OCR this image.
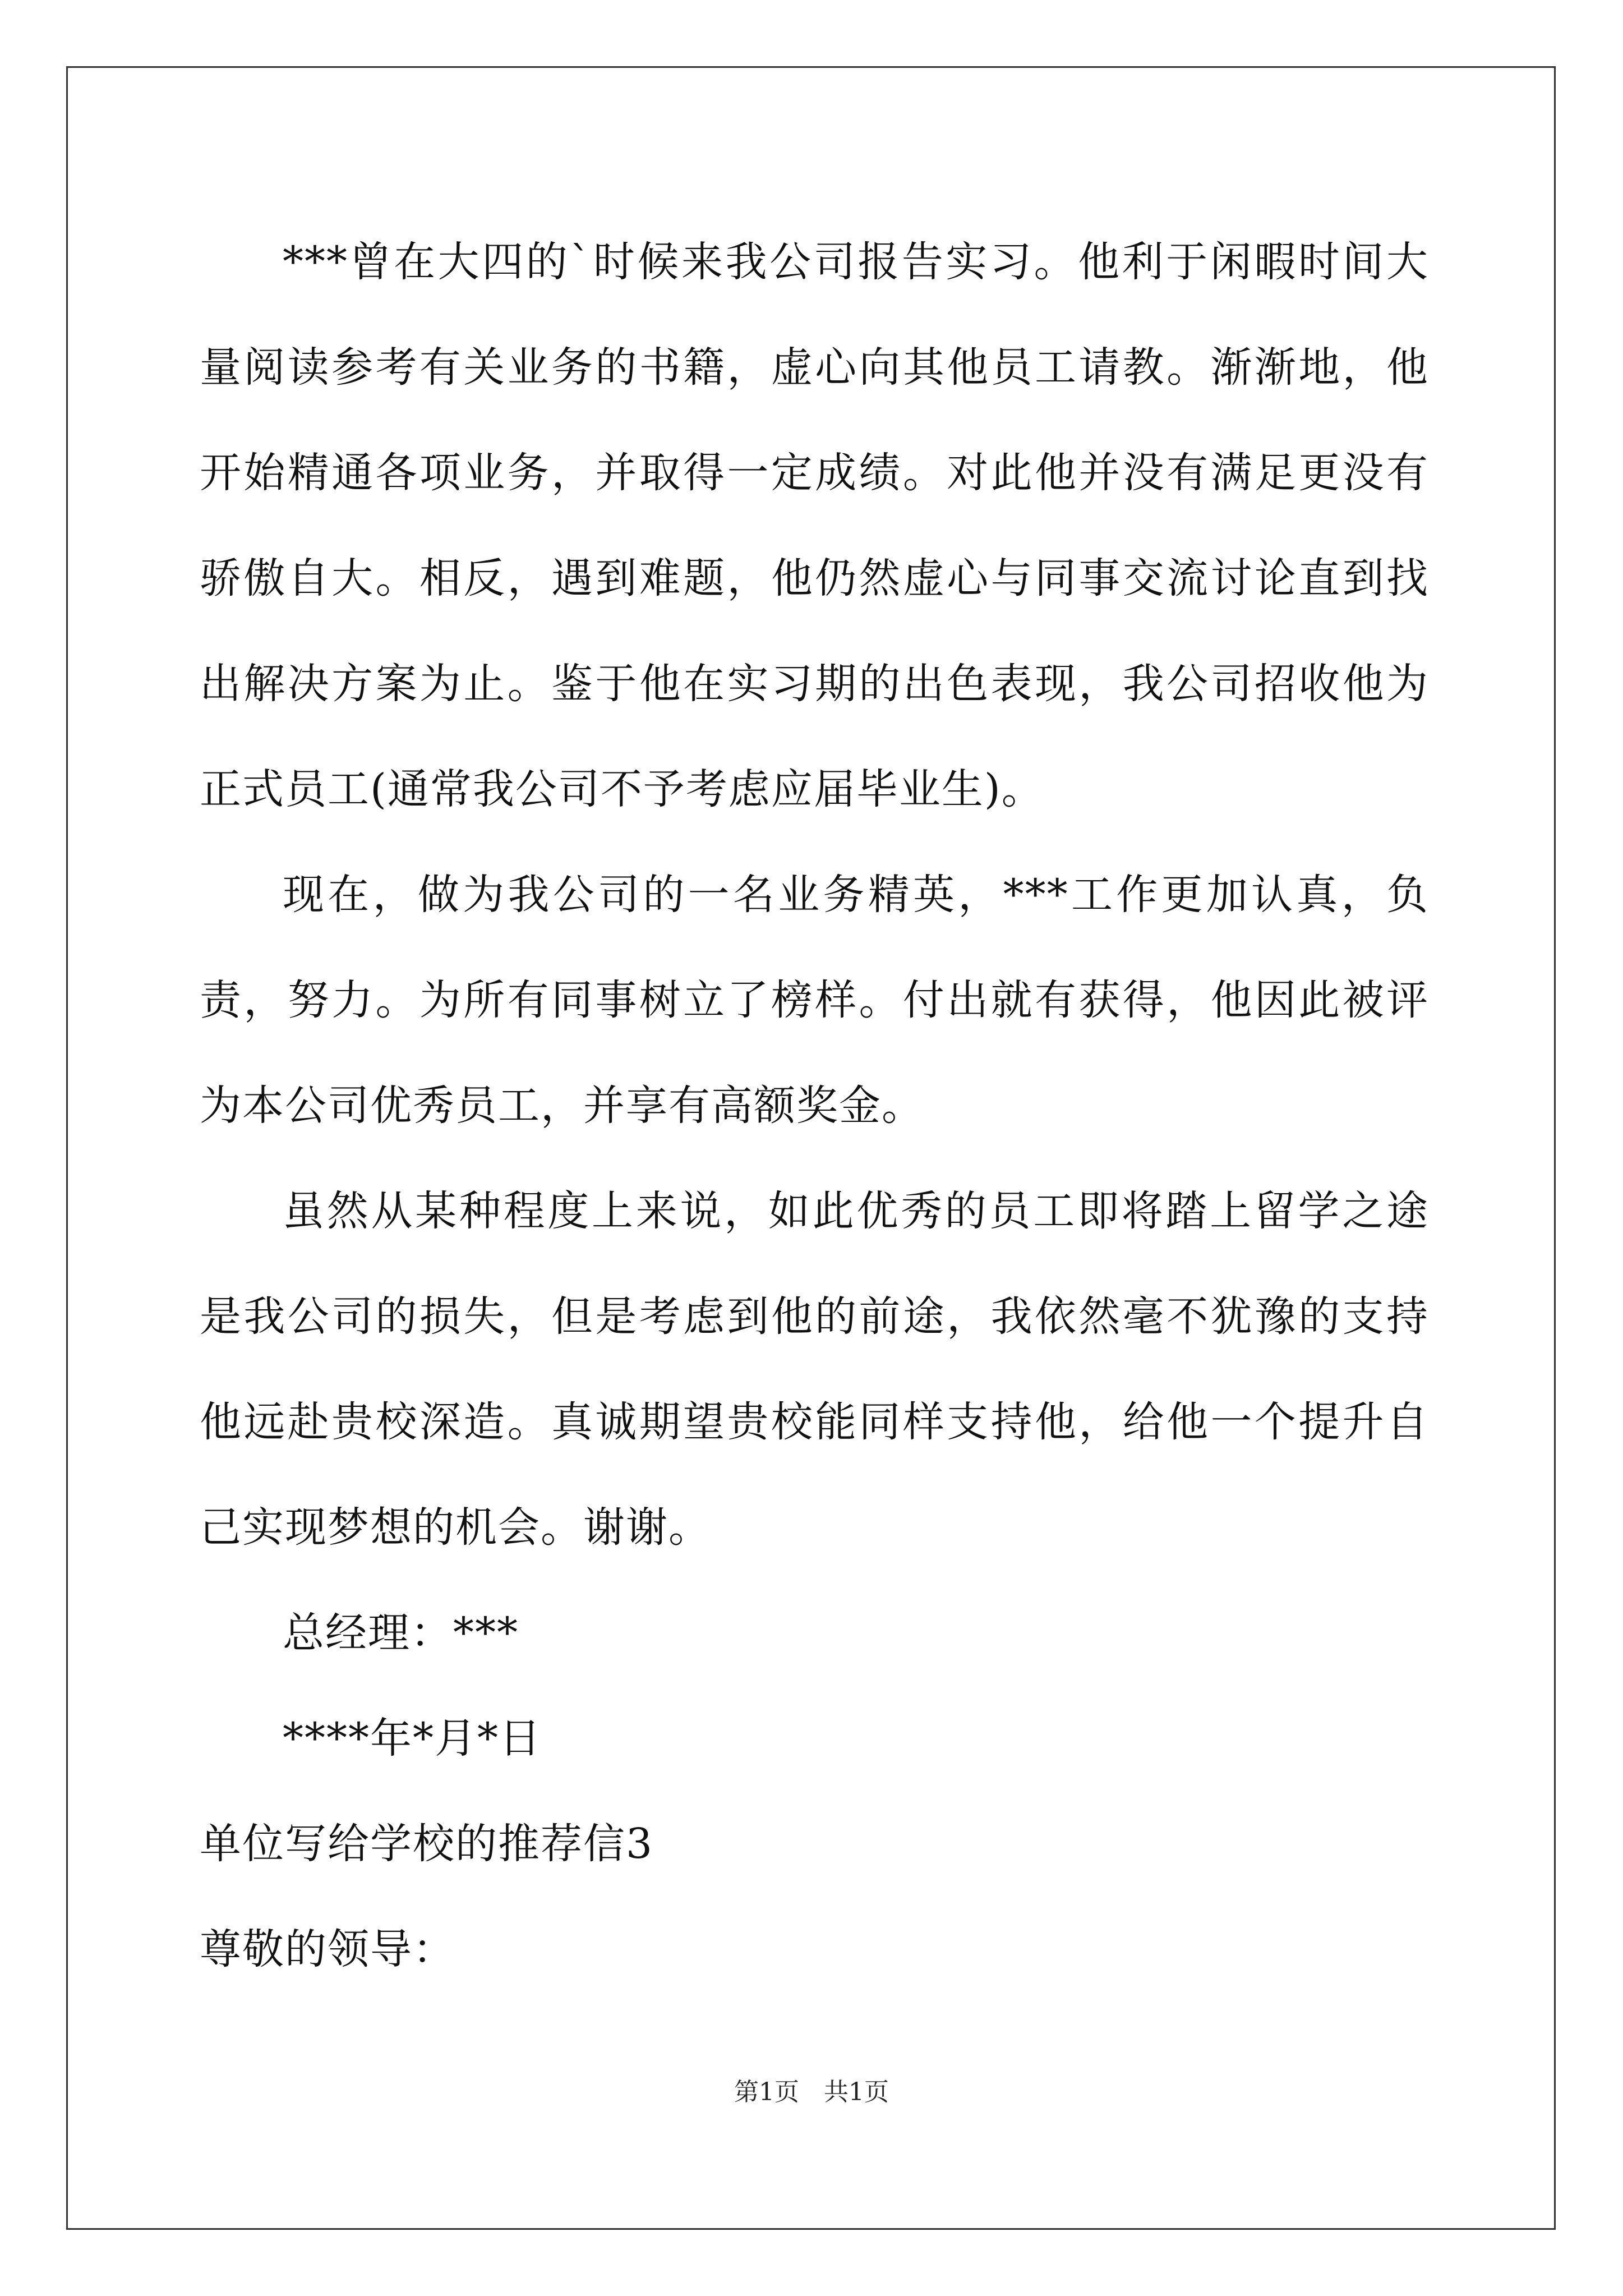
***曾在大四的`时候来我公司报告实习。他利于闲暇时间大量阅读参考有关业务的书籍，虚心向其他员工请教。渐渐地，他开始精通各项业务，并取得一定成绩。对此他并没有满足更没有骄傲自大。相反，遇到难题，他仍然虚心与同事交流讨论直到找出解决方案为止。鉴于他在实习期的出色表现，我公司招收他为正式员工(通常我公司不予考虑应届毕业生)。

现在，做为我公司的一名业务精英，***工作更加认真，负责，努力。为所有同事树立了榜样。付出就有获得，他因此被评为本公司优秀员工，并享有高额奖金。

虽然从某种程度上来说，如此优秀的员工即将踏上留学之途是我公司的损失，但是考虑到他的前途，我依然毫不犹豫的支持他远赴贵校深造。真诚期望贵校能同样支持他，给他一个提升自己实现梦想的机会。谢谢。

总经理：***

****年*月*日

单位写给学校的推荐信3

尊敬的领导：

第1页　共1页
